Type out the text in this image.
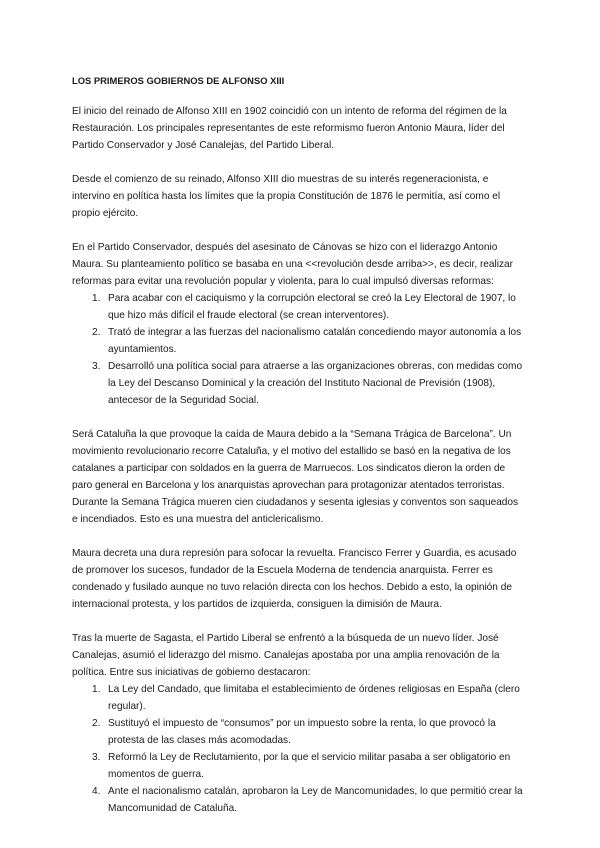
LOS PRIMEROS GOBIERNOS DE ALFONSO XIII

El inicio del reinado de Alfonso XIII en 1902 coincidió con un intento de reforma del régimen de la Restauración. Los principales representantes de este reformismo fueron Antonio Maura, líder del Partido Conservador y José Canalejas, del Partido Liberal.

Desde el comienzo de su reinado, Alfonso XIII dio muestras de su interés regeneracionista, e intervino en política hasta los límites que la propia Constitución de 1876 le permitía, así como el propio ejército.

En el Partido Conservador, después del asesinato de Cánovas se hizo con el liderazgo Antonio Maura. Su planteamiento político se basaba en una <<revolución desde arriba>>, es decir, realizar reformas para evitar una revolución popular y violenta, para lo cual impulsó diversas reformas:

1. Para acabar con el caciquismo y la corrupción electoral se creó la Ley Electoral de 1907, lo que hizo más difícil el fraude electoral (se crean interventores).
2. Trató de integrar a las fuerzas del nacionalismo catalán concediendo mayor autonomía a los ayuntamientos.
3. Desarrolló una política social para atraerse a las organizaciones obreras, con medidas como la Ley del Descanso Dominical y la creación del Instituto Nacional de Previsión (1908), antecesor de la Seguridad Social.

Será Cataluña la que provoque la caída de Maura debido a la “Semana Trágica de Barcelona”. Un movimiento revolucionario recorre Cataluña, y el motivo del estallido se basó en la negativa de los catalanes a participar con soldados en la guerra de Marruecos. Los sindicatos dieron la orden de paro general en Barcelona y los anarquistas aprovechan para protagonizar atentados terroristas. Durante la Semana Trágica mueren cien ciudadanos y sesenta iglesias y conventos son saqueados e incendiados. Esto es una muestra del anticlericalismo.

Maura decreta una dura represión para sofocar la revuelta. Francisco Ferrer y Guardia, es acusado de promover los sucesos, fundador de la Escuela Moderna de tendencia anarquista. Ferrer es condenado y fusilado aunque no tuvo relación directa con los hechos. Debido a esto, la opinión de internacional protesta, y los partidos de izquierda, consiguen la dimisión de Maura.

Tras la muerte de Sagasta, el Partido Liberal se enfrentó a la búsqueda de un nuevo líder. José Canalejas, asumió el liderazgo del mismo. Canalejas apostaba por una amplia renovación de la política. Entre sus iniciativas de gobierno destacaron:

1. La Ley del Candado, que limitaba el establecimiento de órdenes religiosas en España (clero regular).
2. Sustituyó el impuesto de “consumos” por un impuesto sobre la renta, lo que provocó la protesta de las clases más acomodadas.
3. Reformó la Ley de Reclutamiento, por la que el servicio militar pasaba a ser obligatorio en momentos de guerra.
4. Ante el nacionalismo catalán, aprobaron la Ley de Mancomunidades, lo que permitió crear la Mancomunidad de Cataluña.
